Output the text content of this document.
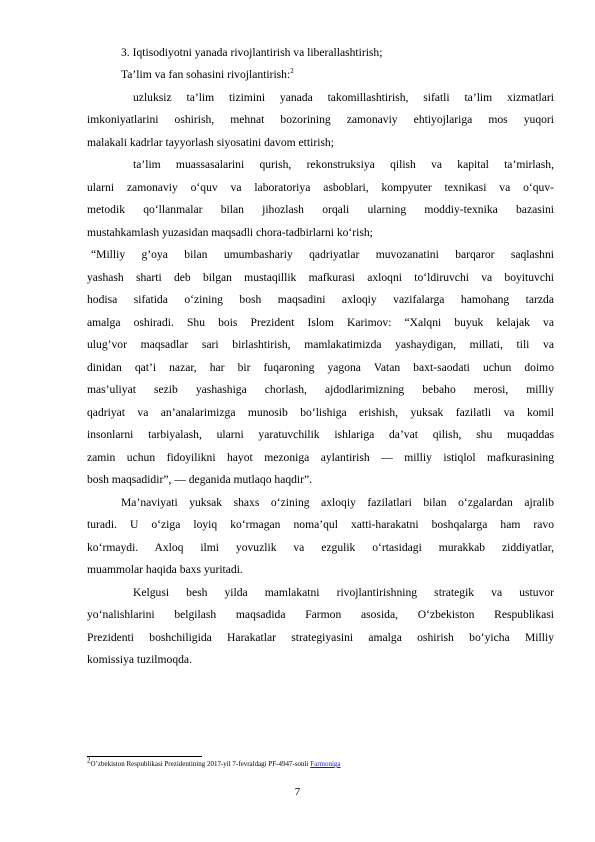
3. Iqtisodiyotni yanada rivojlantirish va liberallashtirish;
Ta’lim va fan sohasini rivojlantirish:$^2$
uzluksiz ta’lim tizimini yanada takomillashtirish, sifatli ta’lim xizmatlari
imkoniyatlarini oshirish, mehnat bozorining zamonaviy ehtiyojlariga mos yuqori
malakali kadrlar tayyorlash siyosatini davom ettirish;
ta’lim muassasalarini qurish, rekonstruksiya qilish va kapital ta’mirlash,
ularni zamonaviy o‘quv va laboratoriya asboblari, kompyuter texnikasi va o‘quv-
metodik qo‘llanmalar bilan jihozlash orqali ularning moddiy-texnika bazasini
mustahkamlash yuzasidan maqsadli chora-tadbirlarni ko‘rish;
“Milliy g’oya bilan umumbashariy qadriyatlar muvozanatini barqaror saqlashni
yashash sharti deb bilgan mustaqillik mafkurasi axloqni to‘ldiruvchi va boyituvchi
hodisa sifatida o‘zining bosh maqsadini axloqiy vazifalarga hamohang tarzda
amalga oshiradi. Shu bois Prezident Islom Karimov: “Xalqni buyuk kelajak va
ulug’vor maqsadlar sari birlashtirish, mamlakatimizda yashaydigan, millati, tili va
dinidan qat’i nazar, har bir fuqaroning yagona Vatan baxt-saodati uchun doimo
mas’uliyat sezib yashashiga chorlash, ajdodlarimizning bebaho merosi, milliy
qadriyat va an’analarimizga munosib bo‘lishiga erishish, yuksak fazilatli va komil
insonlarni tarbiyalash, ularni yaratuvchilik ishlariga da’vat qilish, shu muqaddas
zamin uchun fidoyilikni hayot mezoniga aylantirish — milliy istiqlol mafkurasining
bosh maqsadidir”, — deganida mutlaqo haqdir”.
Ma’naviyati yuksak shaxs o‘zining axloqiy fazilatlari bilan o‘zgalardan ajralib
turadi. U o‘ziga loyiq ko‘rmagan noma’qul xatti-harakatni boshqalarga ham ravo
ko‘rmaydi. Axloq ilmi yovuzlik va ezgulik o‘rtasidagi murakkab ziddiyatlar,
muammolar haqida baxs yuritadi.
Kelgusi besh yilda mamlakatni rivojlantirishning strategik va ustuvor
yo‘nalishlarini belgilash maqsadida Farmon asosida, O‘zbekiston Respublikasi
Prezidenti boshchiligida Harakatlar strategiyasini amalga oshirish bo‘yicha Milliy
komissiya tuzilmoqda.
2O’zbekiston Respublikasi Prezidentining 2017-yil 7-fevraldagi PF-4947-sonli Farmoniga
7
